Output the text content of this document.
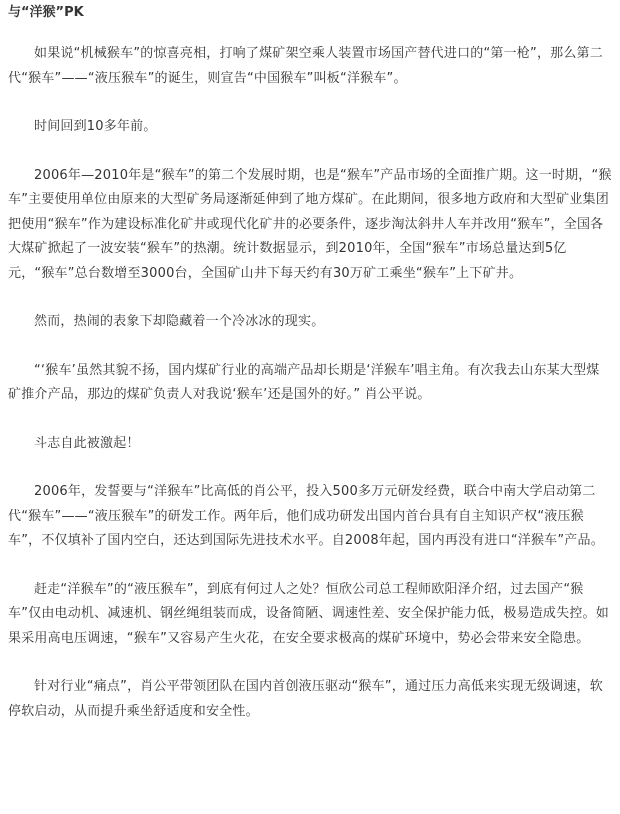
与“洋猴”PK

如果说“机械猴车”的惊喜亮相，打响了煤矿架空乘人装置市场国产替代进口的“第一枪”，那么第二代“猴车”——“液压猴车”的诞生，则宣告“中国猴车”叫板“洋猴车”。

时间回到10多年前。

2006年—2010年是“猴车”的第二个发展时期，也是“猴车”产品市场的全面推广期。这一时期，“猴车”主要使用单位由原来的大型矿务局逐渐延伸到了地方煤矿。在此期间，很多地方政府和大型矿业集团把使用“猴车”作为建设标准化矿井或现代化矿井的必要条件，逐步淘汰斜井人车并改用“猴车”，全国各大煤矿掀起了一波安装“猴车”的热潮。统计数据显示，到2010年，全国“猴车”市场总量达到5亿元，“猴车”总台数增至3000台，全国矿山井下每天约有30万矿工乘坐“猴车”上下矿井。

然而，热闹的表象下却隐藏着一个冷冰冰的现实。

“‘猴车’虽然其貌不扬，国内煤矿行业的高端产品却长期是‘洋猴车’唱主角。有次我去山东某大型煤矿推介产品，那边的煤矿负责人对我说‘猴车’还是国外的好。” 肖公平说。

斗志自此被激起！

2006年，发誓要与“洋猴车”比高低的肖公平，投入500多万元研发经费，联合中南大学启动第二代“猴车”——“液压猴车”的研发工作。两年后，他们成功研发出国内首台具有自主知识产权“液压猴车”，不仅填补了国内空白，还达到国际先进技术水平。自2008年起，国内再没有进口“洋猴车”产品。

赶走“洋猴车”的“液压猴车”，到底有何过人之处？恒欣公司总工程师欧阳泽介绍，过去国产“猴车”仅由电动机、减速机、钢丝绳组装而成，设备简陋、调速性差、安全保护能力低，极易造成失控。如果采用高电压调速，“猴车”又容易产生火花，在安全要求极高的煤矿环境中，势必会带来安全隐患。

针对行业“痛点”，肖公平带领团队在国内首创液压驱动“猴车”，通过压力高低来实现无级调速，软停软启动，从而提升乘坐舒适度和安全性。
